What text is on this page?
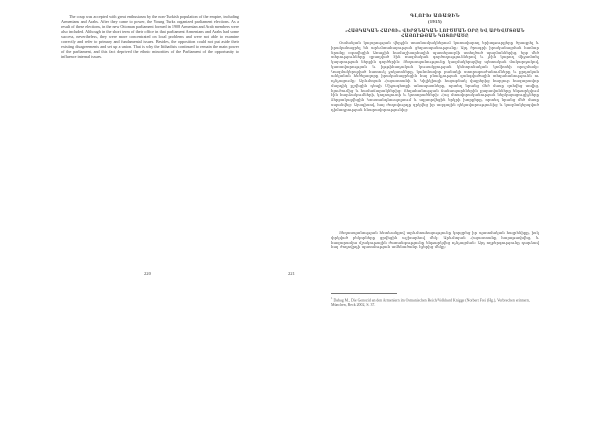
The coup was accepted with great enthusiasm by the non-Turkish population of the empire, including Armenians and Arabs. After they came to power, the Young Turks organized parliament elections. As a result of these elections, in the new Ottoman parliament formed in 1908 Armenian and Arab members were also included. Although in the short term of their office in that parliament Armenians and Arabs had some success, nevertheless, they were more concentrated on local problems and were not able to examine correctly and refer to primary and fundamental issues. Besides, the opposition could not put aside their existing disagreements and set up a union. That is why the Ittihadists continued to remain the main power of the parliament, and this fact deprived the ethnic minorities of the Parliament of the opportunity to influence internal issues.
220
ԳԼՈՒԽ ԱՌԱՋԻՆ
(1915)
«ՀԱՅԿԱԿԱՆ ՀԱՐՑԻ» ՎԵՐՋՆԱԿԱՆ ԼՈՒԾՄԱՆ ՕՐԸ ԵՎ ԱՐԵՎՄՏՅԱՆ ՀԱՅՈՒԹՅԱՆ ԿՈՏՈՐԱԾԸ
Օսմանյան կայսրության վերջին տասնամյակներում կառավարող երիտթուրքերը ծրագրել և իրականացրել են արևմտահայության ցեղասպանությունը։ Այդ ծրագրի իրականացման համար նրանք օգտվեցին Առաջին համաշխարհային պատերազմի ստեղծած պայմաններից, երբ մեծ տերությունները զբաղված էին ռազմական գործողություններով և չէին կարող միջամտել կայսրության ներքին գործերին։ Ցեղասպանությունը կազմակերպվեց պետական մակարդակով, կառավարության և իթթիհադական կուսակցության կենտրոնական կոմիտեի որոշմամբ։ Կազմակերպված հատուկ ջոկատները, կանոնավոր բանակի ստորաբաժանումները և քրդական անկանոն հեծելազորը իրականացրեցին հայ բնակչության զանգվածային տեղահանությունն ու ոչնչացումը։ Արևմտյան Հայաստանի և Կիլիկիայի հայաբնակ վայրերից հարյուր հազարավոր մարդիկ քշվեցին դեպի Միջագետքի անապատները, որտեղ նրանց մեծ մասը զոհվեց սովից, հյուծումից և համաճարակներից։ Տեղահանության ճանապարհներին քարավանները ենթարկվում էին հարձակումների, կողոպուտի և կոտորածների։ Հայ մտավորականության ներկայացուցիչները ձերբակալվեցին Կոստանդնուպոլսում և աքսորվեցին երկրի խորքերը, որտեղ նրանց մեծ մասը սպանվեց։ Այսպիսով, հայ ժողովուրդը զրկվեց իր ազգային ղեկավարությունից և կազմակերպված դիմադրության հնարավորությունից։
Ցեղասպանության հետևանքով արևմտահայությունը կորցրեց իր պատմական հայրենիքը, իսկ փրկված բեկորները ցրվեցին աշխարհով մեկ։ Արևմտյան Հայաստանը հայաթափվեց, և հազարամյա մշակութային ժառանգությունը ենթարկվեց ոչնչացման։ Այդ ողբերգությունը դարձավ հայ ժողովրդի պատմության ամենածանր էջերից մեկը։
$^1$ Dabag M., Die Genozid an den Armeniern im Osmanischen Reich/Volkhard Knigge (Norbert Frei (Hg.), Verbrechen erinnern, München, Beck 2002, S. 37.
221
